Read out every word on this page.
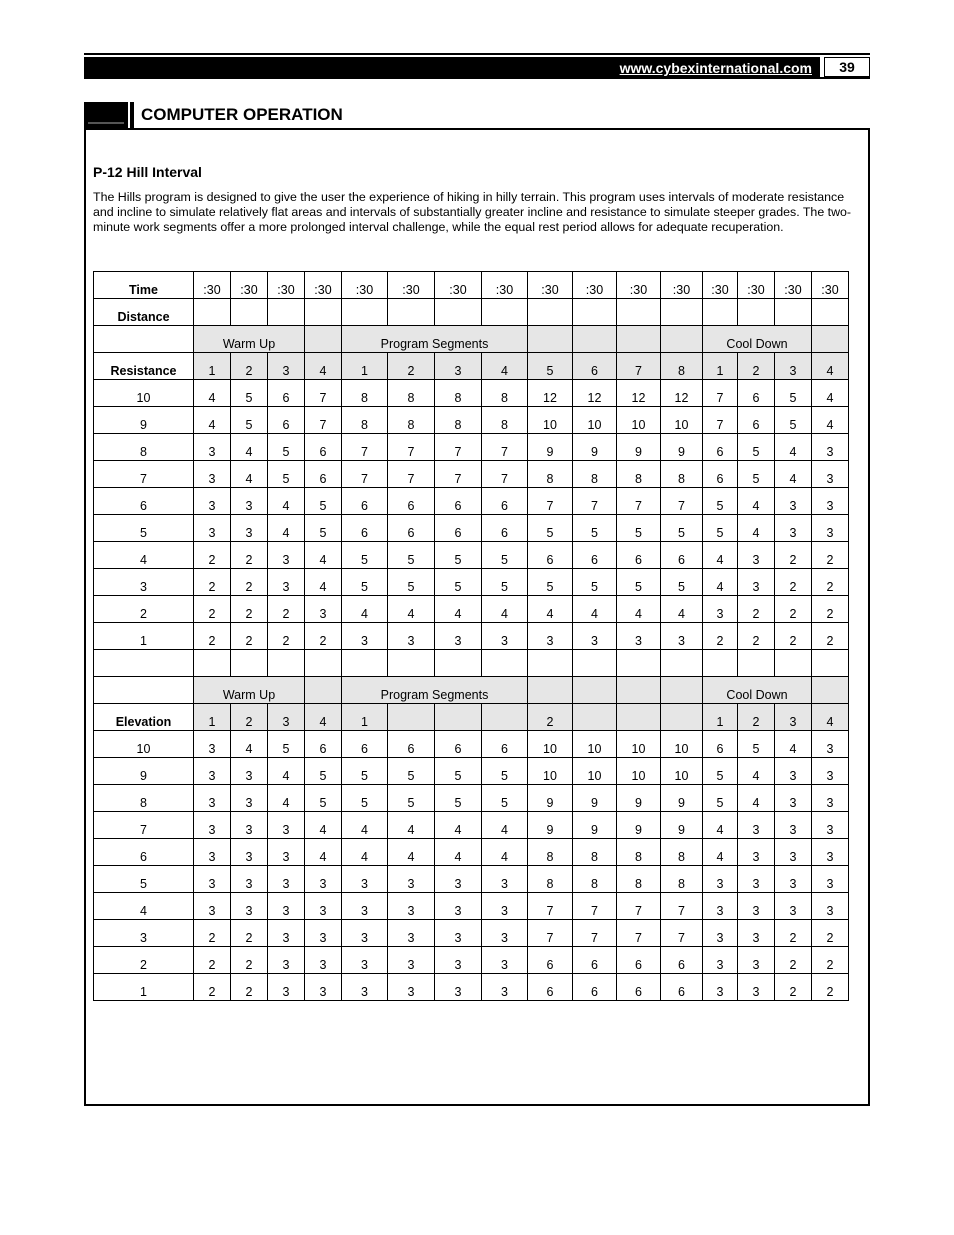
www.cybexinternational.com	39
COMPUTER OPERATION
P-12 Hill Interval
The Hills program is designed to give the user the experience of hiking in hilly terrain. This program uses intervals of moderate resistance and incline to simulate relatively flat areas and intervals of substantially greater incline and resistance to simulate steeper grades. The two-minute work segments offer a more prolonged interval challenge, while the equal rest period allows for adequate recuperation.
Time	:30	:30	:30	:30	:30	:30	:30	:30	:30	:30	:30	:30	:30	:30	:30	:30
Distance																
	Warm Up				Program Segments								Cool Down			
Resistance	1	2	3	4	1	2	3	4	5	6	7	8	1	2	3	4
10	4	5	6	7	8	8	8	8	12	12	12	12	7	6	5	4
9	4	5	6	7	8	8	8	8	10	10	10	10	7	6	5	4
8	3	4	5	6	7	7	7	7	9	9	9	9	6	5	4	3
7	3	4	5	6	7	7	7	7	8	8	8	8	6	5	4	3
6	3	3	4	5	6	6	6	6	7	7	7	7	5	4	3	3
5	3	3	4	5	6	6	6	6	5	5	5	5	5	4	3	3
4	2	2	3	4	5	5	5	5	6	6	6	6	4	3	2	2
3	2	2	3	4	5	5	5	5	5	5	5	5	4	3	2	2
2	2	2	2	3	4	4	4	4	4	4	4	4	3	2	2	2
1	2	2	2	2	3	3	3	3	3	3	3	3	2	2	2	2

	Warm Up				Program Segments								Cool Down			
Elevation	1	2	3	4	1				2				1	2	3	4
10	3	4	5	6	6	6	6	6	10	10	10	10	6	5	4	3
9	3	3	4	5	5	5	5	5	10	10	10	10	5	4	3	3
8	3	3	4	5	5	5	5	5	9	9	9	9	5	4	3	3
7	3	3	3	4	4	4	4	4	9	9	9	9	4	3	3	3
6	3	3	3	4	4	4	4	4	8	8	8	8	4	3	3	3
5	3	3	3	3	3	3	3	3	8	8	8	8	3	3	3	3
4	3	3	3	3	3	3	3	3	7	7	7	7	3	3	3	3
3	2	2	3	3	3	3	3	3	7	7	7	7	3	3	2	2
2	2	2	3	3	3	3	3	3	6	6	6	6	3	3	2	2
1	2	2	3	3	3	3	3	3	6	6	6	6	3	3	2	2
